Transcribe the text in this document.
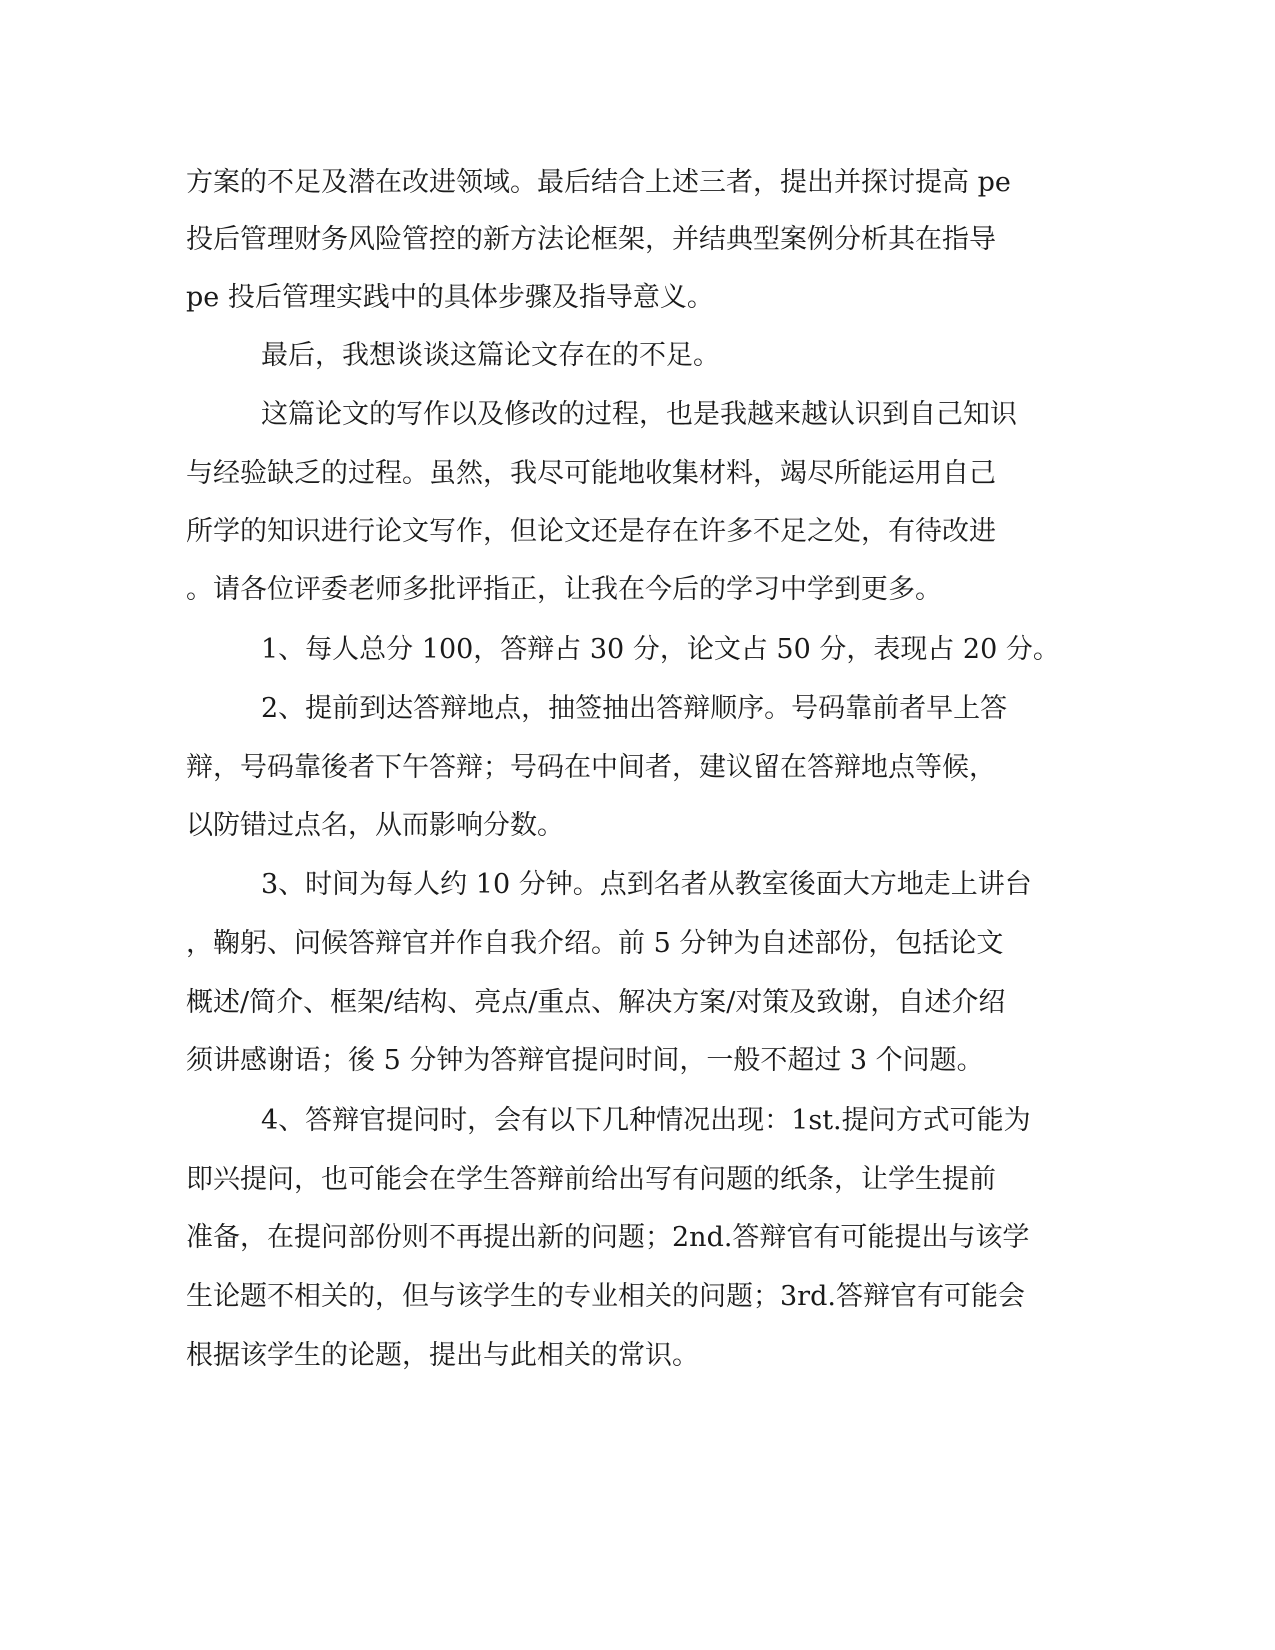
方案的不足及潜在改进领域。最后结合上述三者，提出并探讨提高 pe
投后管理财务风险管控的新方法论框架，并结典型案例分析其在指导
pe 投后管理实践中的具体步骤及指导意义。
最后，我想谈谈这篇论文存在的不足。
这篇论文的写作以及修改的过程，也是我越来越认识到自己知识
与经验缺乏的过程。虽然，我尽可能地收集材料，竭尽所能运用自己
所学的知识进行论文写作，但论文还是存在许多不足之处，有待改进
。请各位评委老师多批评指正，让我在今后的学习中学到更多。
1、每人总分 100，答辩占 30 分，论文占 50 分，表现占 20 分。
2、提前到达答辩地点，抽签抽出答辩顺序。号码靠前者早上答
辩，号码靠後者下午答辩；号码在中间者，建议留在答辩地点等候，
以防错过点名，从而影响分数。
3、时间为每人约 10 分钟。点到名者从教室後面大方地走上讲台
，鞠躬、问候答辩官并作自我介绍。前 5 分钟为自述部份，包括论文
概述/简介、框架/结构、亮点/重点、解决方案/对策及致谢，自述介绍
须讲感谢语；後 5 分钟为答辩官提问时间，一般不超过 3 个问题。
4、答辩官提问时，会有以下几种情况出现：1st.提问方式可能为
即兴提问，也可能会在学生答辩前给出写有问题的纸条，让学生提前
准备，在提问部份则不再提出新的问题；2nd.答辩官有可能提出与该学
生论题不相关的，但与该学生的专业相关的问题；3rd.答辩官有可能会
根据该学生的论题，提出与此相关的常识。
